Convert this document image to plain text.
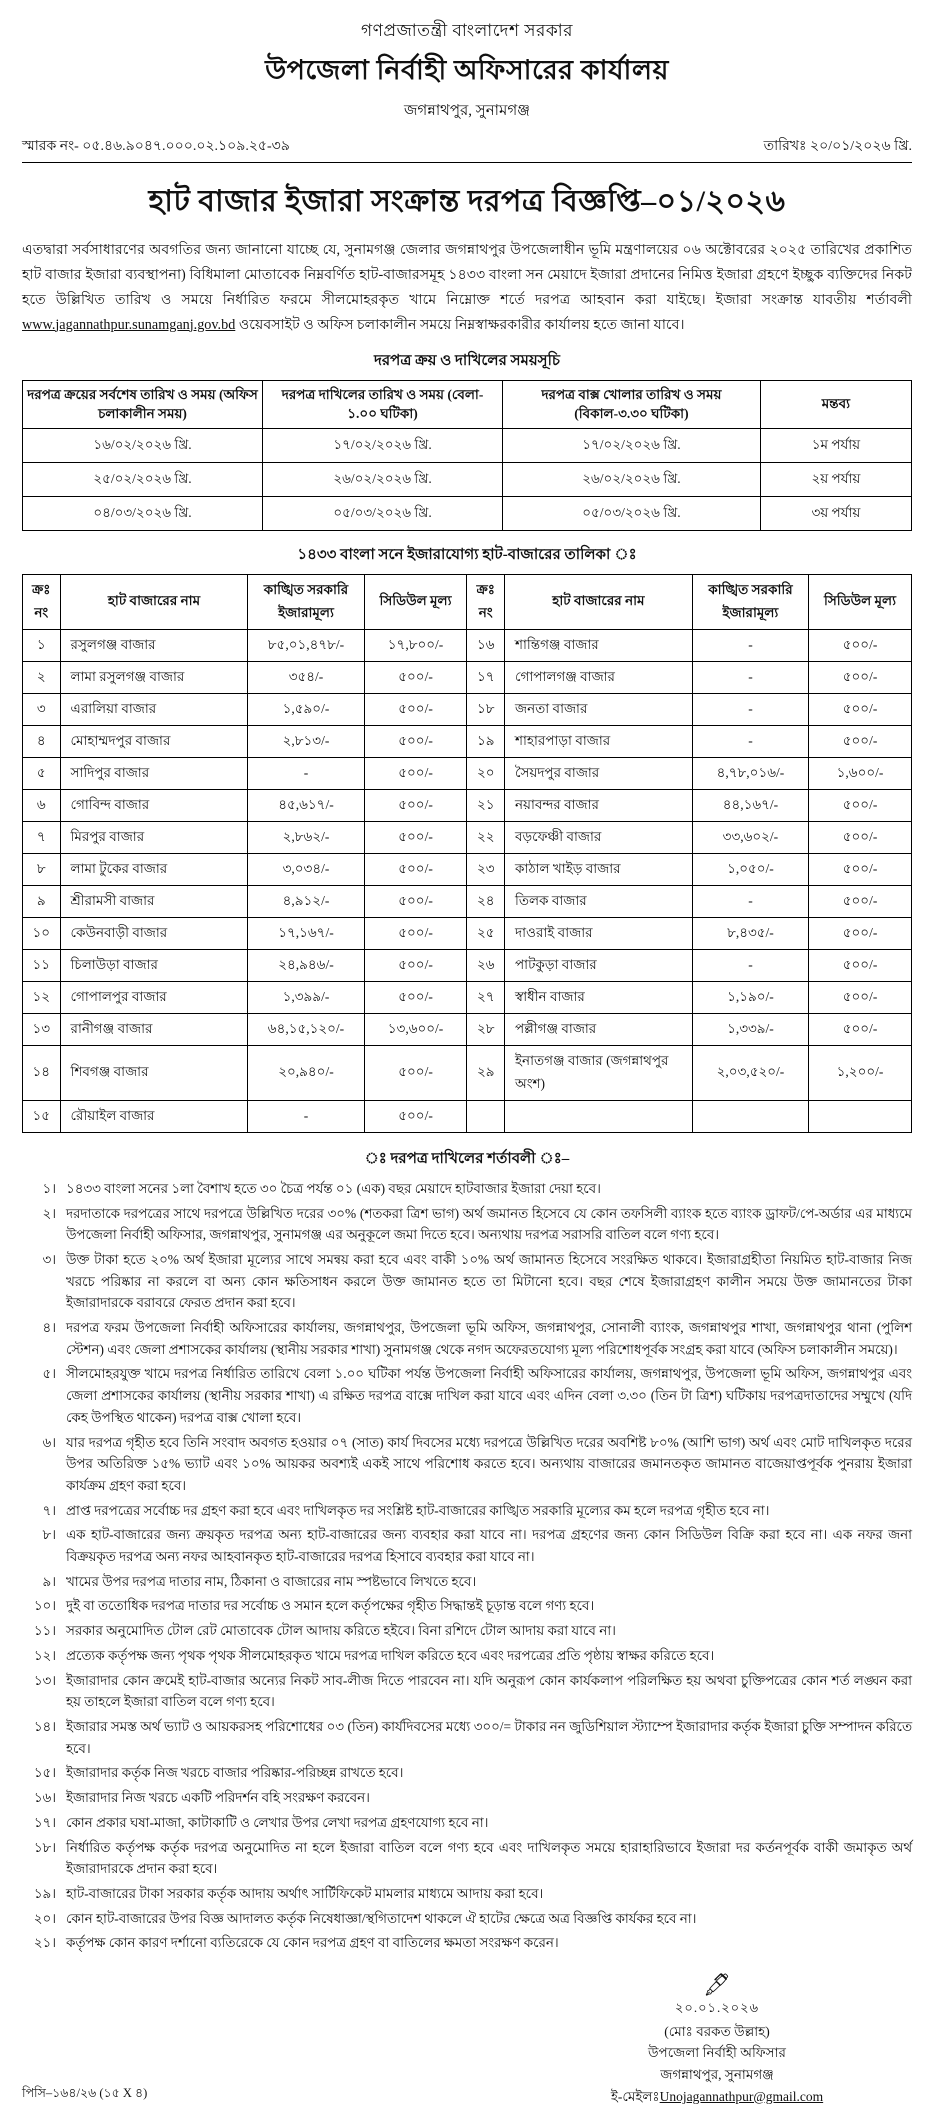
গণপ্রজাতন্ত্রী বাংলাদেশ সরকার
উপজেলা নির্বাহী অফিসারের কার্যালয়
জগন্নাথপুর, সুনামগঞ্জ
স্মারক নং- ০৫.৪৬.৯০৪৭.০০০.০২.১০৯.২৫-৩৯	তারিখঃ ২০/০১/২০২৬ খ্রি.
হাট বাজার ইজারা সংক্রান্ত দরপত্র বিজ্ঞপ্তি–০১/২০২৬

এতদ্বারা সর্বসাধারণের অবগতির জন্য জানানো যাচ্ছে যে, সুনামগঞ্জ জেলার জগন্নাথপুর উপজেলাধীন ভূমি মন্ত্রণালয়ের ০৬ অক্টোবরের ২০২৫ তারিখের প্রকাশিত হাট বাজার ইজারা ব্যবস্থাপনা) বিধিমালা মোতাবেক নিম্নবর্ণিত হাট-বাজারসমূহ ১৪৩৩ বাংলা সন মেয়াদে ইজারা প্রদানের নিমিত্ত ইজারা গ্রহণে ইচ্ছুক ব্যক্তিদের নিকট হতে উল্লিখিত তারিখ ও সময়ে নির্ধারিত ফরমে সীলমোহরকৃত খামে নিম্নোক্ত শর্তে দরপত্র আহবান করা যাইছে। ইজারা সংক্রান্ত যাবতীয় শর্তাবলী www.jagannathpur.sunamganj.gov.bd ওয়েবসাইট ও অফিস চলাকালীন সময়ে নিম্নস্বাক্ষরকারীর কার্যালয় হতে জানা যাবে।

দরপত্র ক্রয় ও দাখিলের সময়সূচি
দরপত্র ক্রয়ের সর্বশেষ তারিখ ও সময় (অফিস চলাকালীন সময়)	দরপত্র দাখিলের তারিখ ও সময় (বেলা- ১.০০ ঘটিকা)	দরপত্র বাক্স খোলার তারিখ ও সময় (বিকাল-৩.৩০ ঘটিকা)	মন্তব্য
১৬/০২/২০২৬ খ্রি.	১৭/০২/২০২৬ খ্রি.	১৭/০২/২০২৬ খ্রি.	১ম পর্যায়
২৫/০২/২০২৬ খ্রি.	২৬/০২/২০২৬ খ্রি.	২৬/০২/২০২৬ খ্রি.	২য় পর্যায়
০৪/০৩/২০২৬ খ্রি.	০৫/০৩/২০২৬ খ্রি.	০৫/০৩/২০২৬ খ্রি.	৩য় পর্যায়
১৪৩৩ বাংলা সনে ইজারাযোগ্য হাট-বাজারের তালিকা ঃ
ক্রঃ নং	হাট বাজারের নাম	কাঙ্খিত সরকারি ইজারামূল্য	সিডিউল মূল্য	ক্রঃ নং	হাট বাজারের নাম	কাঙ্খিত সরকারি ইজারামূল্য	সিডিউল মূল্য
১	রসুলগঞ্জ বাজার	৮৫,০১,৪৭৮/-	১৭,৮০০/-	১৬	শান্তিগঞ্জ বাজার	-	৫০০/-
২	লামা রসুলগঞ্জ বাজার	৩৫৪/-	৫০০/-	১৭	গোপালগঞ্জ বাজার	-	৫০০/-
৩	এরালিয়া বাজার	১,৫৯০/-	৫০০/-	১৮	জনতা বাজার	-	৫০০/-
৪	মোহাম্মদপুর বাজার	২,৮১৩/-	৫০০/-	১৯	শাহারপাড়া বাজার	-	৫০০/-
৫	সাদিপুর বাজার	-	৫০০/-	২০	সৈয়দপুর বাজার	৪,৭৮,০১৬/-	১,৬০০/-
৬	গোবিন্দ বাজার	৪৫,৬১৭/-	৫০০/-	২১	নয়াবন্দর বাজার	৪৪,১৬৭/-	৫০০/-
৭	মিরপুর বাজার	২,৮৬২/-	৫০০/-	২২	বড়ফেঞ্চী বাজার	৩৩,৬০২/-	৫০০/-
৮	লামা টুকের বাজার	৩,০৩৪/-	৫০০/-	২৩	কাঠাল খাইড় বাজার	১,০৫০/-	৫০০/-
৯	শ্রীরামসী বাজার	৪,৯১২/-	৫০০/-	২৪	তিলক বাজার	-	৫০০/-
১০	কেউনবাড়ী বাজার	১৭,১৬৭/-	৫০০/-	২৫	দাওরাই বাজার	৮,৪৩৫/-	৫০০/-
১১	চিলাউড়া বাজার	২৪,৯৪৬/-	৫০০/-	২৬	পাটকুড়া বাজার	-	৫০০/-
১২	গোপালপুর বাজার	১,৩৯৯/-	৫০০/-	২৭	স্বাধীন বাজার	১,১৯০/-	৫০০/-
১৩	রানীগঞ্জ বাজার	৬৪,১৫,১২০/-	১৩,৬০০/-	২৮	পল্লীগঞ্জ বাজার	১,৩৩৯/-	৫০০/-
১৪	শিবগঞ্জ বাজার	২০,৯৪০/-	৫০০/-	২৯	ইনাতগঞ্জ বাজার (জগন্নাথপুর অংশ)	২,০৩,৫২০/-	১,২০০/-
১৫	রৌয়াইল বাজার	-	৫০০/-				
ঃ দরপত্র দাখিলের শর্তাবলী ঃ–
১। ১৪৩৩ বাংলা সনের ১লা বৈশাখ হতে ৩০ চৈত্র পর্যন্ত ০১ (এক) বছর মেয়াদে হাটবাজার ইজারা দেয়া হবে।
২। দরদাতাকে দরপত্রের সাথে দরপত্রে উল্লিখিত দরের ৩০% (শতকরা ত্রিশ ভাগ) অর্থ জমানত হিসেবে যে কোন তফসিলী ব্যাংক হতে ব্যাংক ড্রাফট/পে-অর্ডার এর মাধ্যমে উপজেলা নির্বাহী অফিসার, জগন্নাথপুর, সুনামগঞ্জ এর অনুকূলে জমা দিতে হবে। অন্যথায় দরপত্র সরাসরি বাতিল বলে গণ্য হবে।
৩। উক্ত টাকা হতে ২০% অর্থ ইজারা মূল্যের সাথে সমন্বয় করা হবে এবং বাকী ১০% অর্থ জামানত হিসেবে সংরক্ষিত থাকবে। ইজারাগ্রহীতা নিয়মিত হাট-বাজার নিজ খরচে পরিষ্কার না করলে বা অন্য কোন ক্ষতিসাধন করলে উক্ত জামানত হতে তা মিটানো হবে। বছর শেষে ইজারাগ্রহণ কালীন সময়ে উক্ত জামানতের টাকা ইজারাদারকে বরাবরে ফেরত প্রদান করা হবে।
৪। দরপত্র ফরম উপজেলা নির্বাহী অফিসারের কার্যালয়, জগন্নাথপুর, উপজেলা ভূমি অফিস, জগন্নাথপুর, সোনালী ব্যাংক, জগন্নাথপুর শাখা, জগন্নাথপুর থানা (পুলিশ স্টেশন) এবং জেলা প্রশাসকের কার্যালয় (স্থানীয় সরকার শাখা) সুনামগঞ্জ থেকে নগদ অফেরতযোগ্য মূল্য পরিশোধপূর্বক সংগ্রহ করা যাবে (অফিস চলাকালীন সময়ে)।
৫। সীলমোহরযুক্ত খামে দরপত্র নির্ধারিত তারিখে বেলা ১.০০ ঘটিকা পর্যন্ত উপজেলা নির্বাহী অফিসারের কার্যালয়, জগন্নাথপুর, উপজেলা ভূমি অফিস, জগন্নাথপুর এবং জেলা প্রশাসকের কার্যালয় (স্থানীয় সরকার শাখা) এ রক্ষিত দরপত্র বাক্সে দাখিল করা যাবে এবং এদিন বেলা ৩.৩০ (তিন টা ত্রিশ) ঘটিকায় দরপত্রদাতাদের সম্মুখে (যদি কেহ উপস্থিত থাকেন) দরপত্র বাক্স খোলা হবে।
৬। যার দরপত্র গৃহীত হবে তিনি সংবাদ অবগত হওয়ার ০৭ (সাত) কার্য দিবসের মধ্যে দরপত্রে উল্লিখিত দরের অবশিষ্ট ৮০% (আশি ভাগ) অর্থ এবং মোট দাখিলকৃত দরের উপর অতিরিক্ত ১৫% ভ্যাট এবং ১০% আয়কর অবশ্যই একই সাথে পরিশোধ করতে হবে। অন্যথায় বাজারের জমানতকৃত জামানত বাজেয়াপ্তপূর্বক পুনরায় ইজারা কার্যক্রম গ্রহণ করা হবে।
৭। প্রাপ্ত দরপত্রের সর্বোচ্চ দর গ্রহণ করা হবে এবং দাখিলকৃত দর সংশ্লিষ্ট হাট-বাজারের কাঙ্খিত সরকারি মূল্যের কম হলে দরপত্র গৃহীত হবে না।
৮। এক হাট-বাজারের জন্য ক্রয়কৃত দরপত্র অন্য হাট-বাজারের জন্য ব্যবহার করা যাবে না। দরপত্র গ্রহণের জন্য কোন সিডিউল বিক্রি করা হবে না। এক নফর জনা বিক্রয়কৃত দরপত্র অন্য নফর আহবানকৃত হাট-বাজারের দরপত্র হিসাবে ব্যবহার করা যাবে না।
৯। খামের উপর দরপত্র দাতার নাম, ঠিকানা ও বাজারের নাম স্পষ্টভাবে লিখতে হবে।
১০। দুই বা ততোধিক দরপত্র দাতার দর সর্বোচ্চ ও সমান হলে কর্তৃপক্ষের গৃহীত সিদ্ধান্তই চূড়ান্ত বলে গণ্য হবে।
১১। সরকার অনুমোদিত টোল রেট মোতাবেক টোল আদায় করিতে হইবে। বিনা রশিদে টোল আদায় করা যাবে না।
১২। প্রত্যেক কর্তৃপক্ষ জন্য পৃথক পৃথক সীলমোহরকৃত খামে দরপত্র দাখিল করিতে হবে এবং দরপত্রের প্রতি পৃষ্ঠায় স্বাক্ষর করিতে হবে।
১৩। ইজারাদার কোন ক্রমেই হাট-বাজার অন্যের নিকট সাব-লীজ দিতে পারবেন না। যদি অনুরূপ কোন কার্যকলাপ পরিলক্ষিত হয় অথবা চুক্তিপত্রের কোন শর্ত লঙ্ঘন করা হয় তাহলে ইজারা বাতিল বলে গণ্য হবে।
১৪। ইজারার সমস্ত অর্থ ভ্যাট ও আয়করসহ পরিশোধের ০৩ (তিন) কার্যদিবসের মধ্যে ৩০০/= টাকার নন জুডিশিয়াল স্ট্যাম্পে ইজারাদার কর্তৃক ইজারা চুক্তি সম্পাদন করিতে হবে।
১৫। ইজারাদার কর্তৃক নিজ খরচে বাজার পরিষ্কার-পরিচ্ছন্ন রাখতে হবে।
১৬। ইজারাদার নিজ খরচে একটি পরিদর্শন বহি সংরক্ষণ করবেন।
১৭। কোন প্রকার ঘষা-মাজা, কাটাকাটি ও লেখার উপর লেখা দরপত্র গ্রহণযোগ্য হবে না।
১৮। নির্ধারিত কর্তৃপক্ষ কর্তৃক দরপত্র অনুমোদিত না হলে ইজারা বাতিল বলে গণ্য হবে এবং দাখিলকৃত সময়ে হারাহারিভাবে ইজারা দর কর্তনপূর্বক বাকী জমাকৃত অর্থ ইজারাদারকে প্রদান করা হবে।
১৯। হাট-বাজারের টাকা সরকার কর্তৃক আদায় অর্থাৎ সার্টিফিকেট মামলার মাধ্যমে আদায় করা হবে।
২০। কোন হাট-বাজারের উপর বিজ্ঞ আদালত কর্তৃক নিষেধাজ্ঞা/স্থগিতাদেশ থাকলে ঐ হাটের ক্ষেত্রে অত্র বিজ্ঞপ্তি কার্যকর হবে না।
২১। কর্তৃপক্ষ কোন কারণ দর্শানো ব্যতিরেকে যে কোন দরপত্র গ্রহণ বা বাতিলের ক্ষমতা সংরক্ষণ করেন।
পিসি–১৬৪/২৬ (১৫ X ৪)
🖋
২০.০১.২০২৬
(মোঃ বরকত উল্লাহ)
উপজেলা নির্বাহী অফিসার
জগন্নাথপুর, সুনামগঞ্জ
ই-মেইলঃUnojagannathpur@gmail.com
